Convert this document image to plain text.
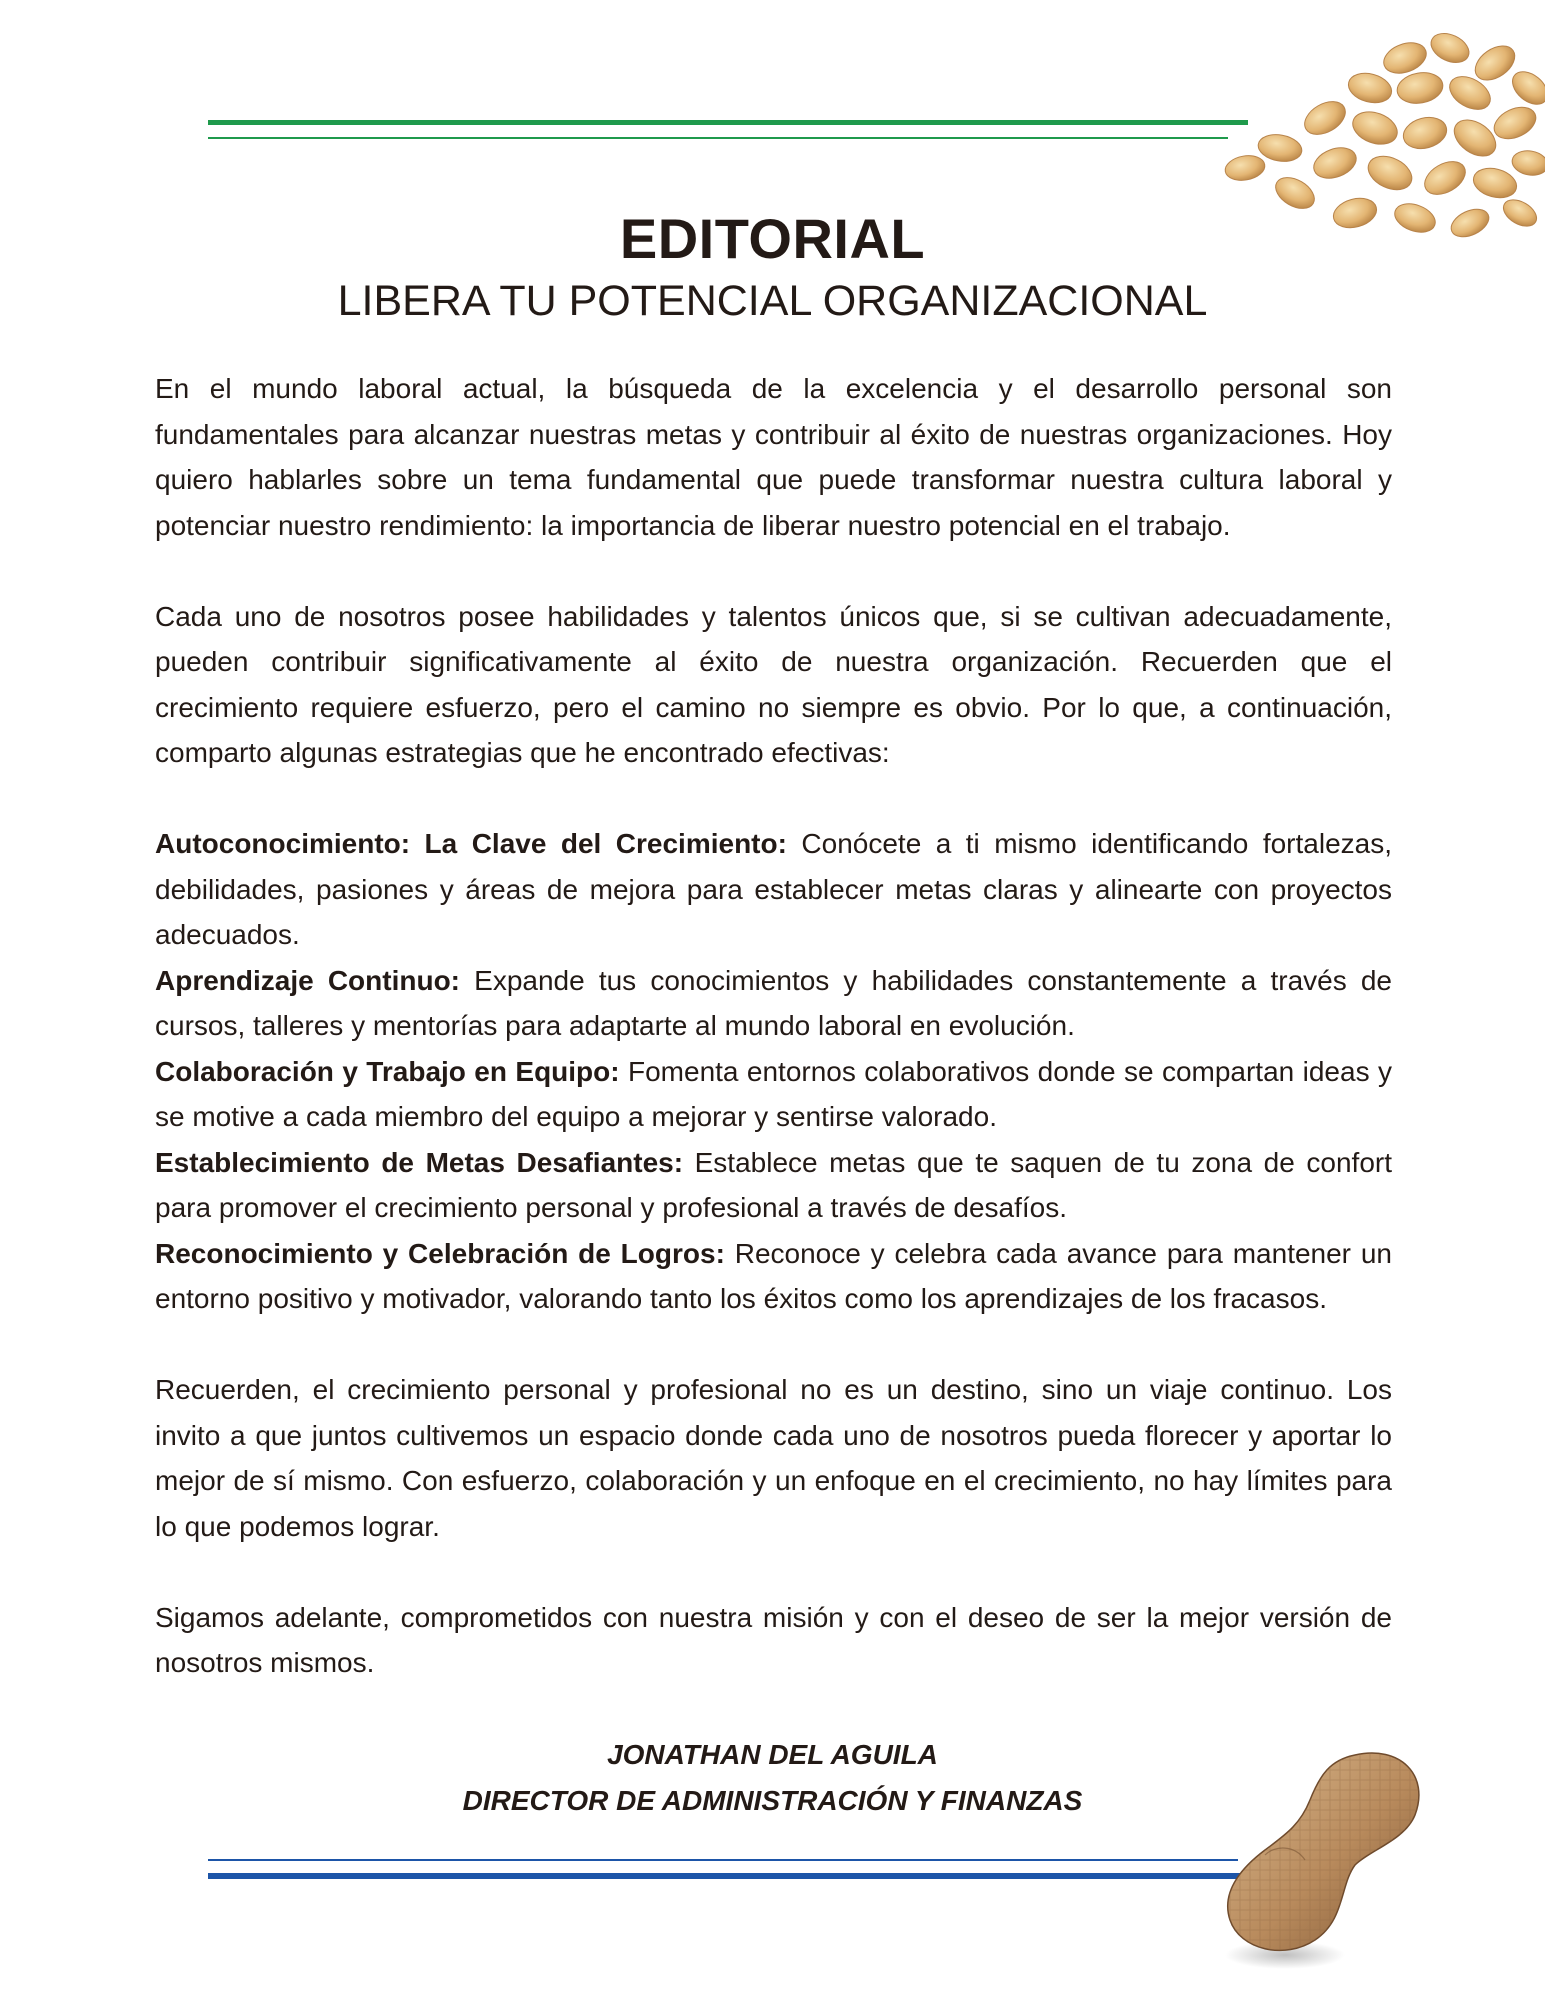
EDITORIAL
LIBERA TU POTENCIAL ORGANIZACIONAL

En el mundo laboral actual, la búsqueda de la excelencia y el desarrollo personal son fundamentales para alcanzar nuestras metas y contribuir al éxito de nuestras organizaciones. Hoy quiero hablarles sobre un tema fundamental que puede transformar nuestra cultura laboral y potenciar nuestro rendimiento: la importancia de liberar nuestro potencial en el trabajo.

Cada uno de nosotros posee habilidades y talentos únicos que, si se cultivan adecuadamente, pueden contribuir significativamente al éxito de nuestra organización. Recuerden que el crecimiento requiere esfuerzo, pero el camino no siempre es obvio. Por lo que, a continuación, comparto algunas estrategias que he encontrado efectivas:

Autoconocimiento: La Clave del Crecimiento: Conócete a ti mismo identificando fortalezas, debilidades, pasiones y áreas de mejora para establecer metas claras y alinearte con proyectos adecuados.

Aprendizaje Continuo: Expande tus conocimientos y habilidades constantemente a través de cursos, talleres y mentorías para adaptarte al mundo laboral en evolución.

Colaboración y Trabajo en Equipo: Fomenta entornos colaborativos donde se compartan ideas y se motive a cada miembro del equipo a mejorar y sentirse valorado.

Establecimiento de Metas Desafiantes: Establece metas que te saquen de tu zona de confort para promover el crecimiento personal y profesional a través de desafíos.

Reconocimiento y Celebración de Logros: Reconoce y celebra cada avance para mantener un entorno positivo y motivador, valorando tanto los éxitos como los aprendizajes de los fracasos.

Recuerden, el crecimiento personal y profesional no es un destino, sino un viaje continuo. Los invito a que juntos cultivemos un espacio donde cada uno de nosotros pueda florecer y aportar lo mejor de sí mismo. Con esfuerzo, colaboración y un enfoque en el crecimiento, no hay límites para lo que podemos lograr.

Sigamos adelante, comprometidos con nuestra misión y con el deseo de ser la mejor versión de nosotros mismos.

JONATHAN DEL AGUILA
DIRECTOR DE ADMINISTRACIÓN Y FINANZAS
